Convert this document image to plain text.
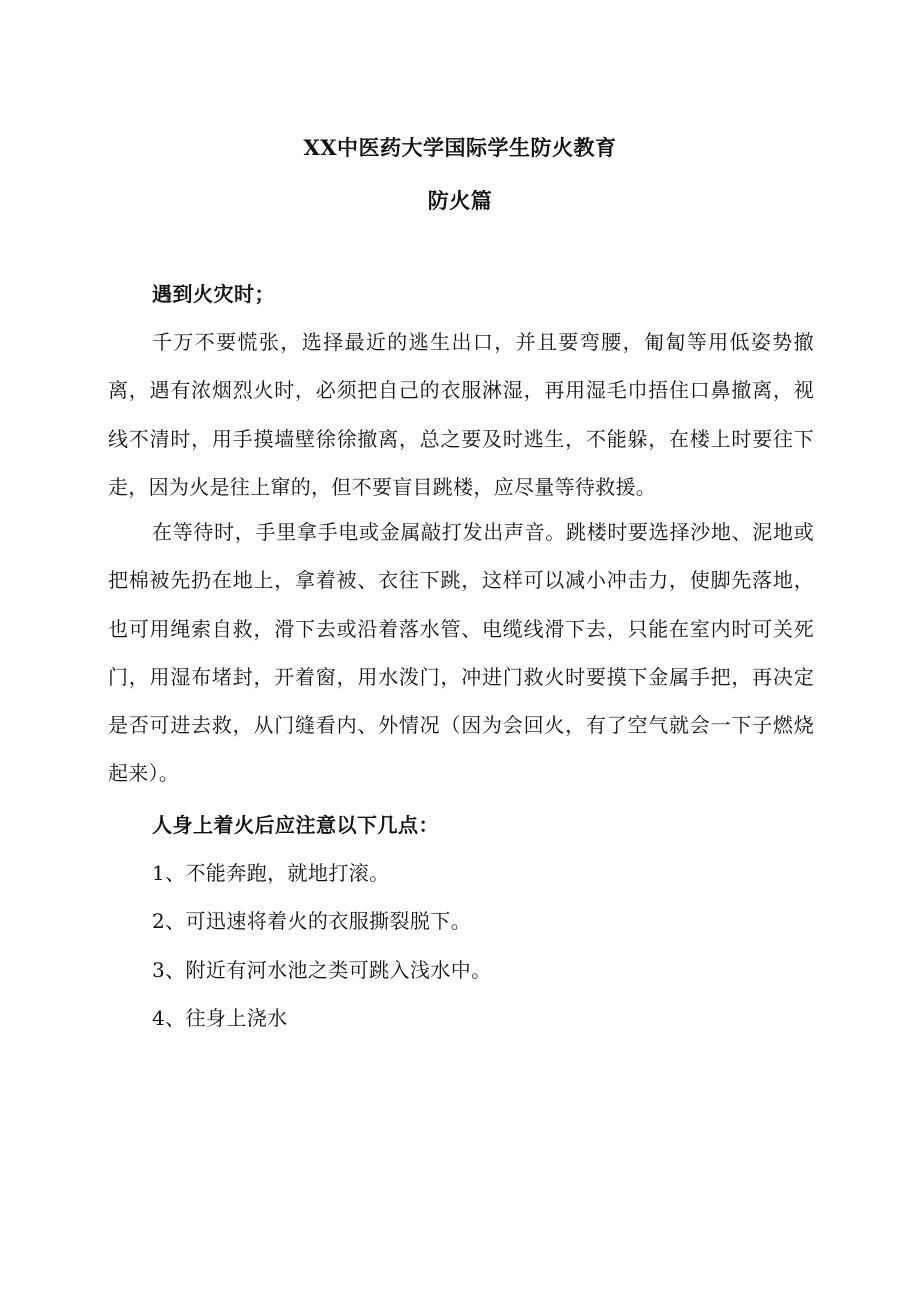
XX中医药大学国际学生防火教育
防火篇
遇到火灾时；

千万不要慌张，选择最近的逃生出口，并且要弯腰，匍匐等用低姿势撤离，遇有浓烟烈火时，必须把自己的衣服淋湿，再用湿毛巾捂住口鼻撤离，视线不清时，用手摸墙壁徐徐撤离，总之要及时逃生，不能躲，在楼上时要往下走，因为火是往上窜的，但不要盲目跳楼，应尽量等待救援。

在等待时，手里拿手电或金属敲打发出声音。跳楼时要选择沙地、泥地或把棉被先扔在地上，拿着被、衣往下跳，这样可以减小冲击力，使脚先落地，也可用绳索自救，滑下去或沿着落水管、电缆线滑下去，只能在室内时可关死门，用湿布堵封，开着窗，用水泼门，冲进门救火时要摸下金属手把，再决定是否可进去救，从门缝看内、外情况（因为会回火，有了空气就会一下子燃烧起来）。

人身上着火后应注意以下几点：

1、不能奔跑，就地打滚。

2、可迅速将着火的衣服撕裂脱下。

3、附近有河水池之类可跳入浅水中。

4、往身上浇水
